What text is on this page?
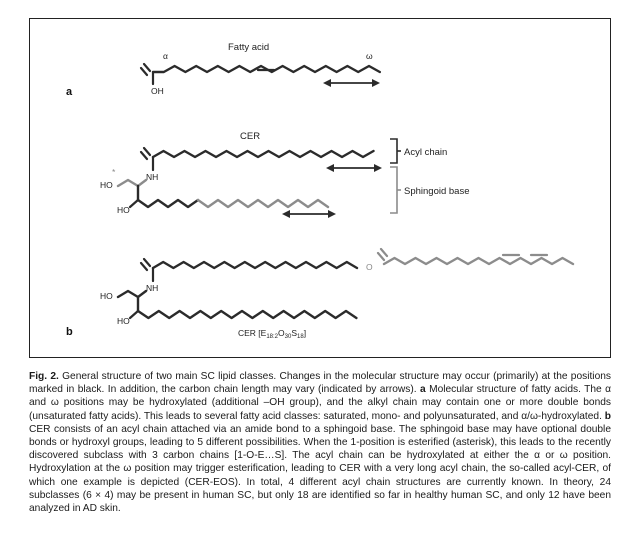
Fatty acid
α	ω
OH
a
CER
NH
*
HO
HO
Acyl chain
Sphingoid base
O
NH
HO
HO
b	CER $[E_{18:2}O_{30}S_{18}]$
Fig. 2. General structure of two main SC lipid classes. Changes in the molecular structure may occur (primarily) at the positions marked in black. In addition, the carbon chain length may vary (indicated by arrows). a Molecular structure of fatty acids. The α and ω positions may be hydroxylated (additional –OH group), and the alkyl chain may contain one or more double bonds (unsaturated fatty acids). This leads to several fatty acid classes: saturated, mono- and polyunsaturated, and α/ω-hydroxylated. b CER consists of an acyl chain attached via an amide bond to a sphingoid base. The sphingoid base may have optional double bonds or hydroxyl groups, leading to 5 different possibilities. When the 1-position is esterified (asterisk), this leads to the recently discovered subclass with 3 carbon chains [1-O-E…S]. The acyl chain can be hydroxylated at either the α or ω position. Hydroxylation at the ω position may trigger esterification, leading to CER with a very long acyl chain, the so-called acyl-CER, of which one example is depicted (CER-EOS). In total, 4 different acyl chain structures are currently known. In theory, 24 subclasses (6 × 4) may be present in human SC, but only 18 are identified so far in healthy human SC, and only 12 have been analyzed in AD skin.
